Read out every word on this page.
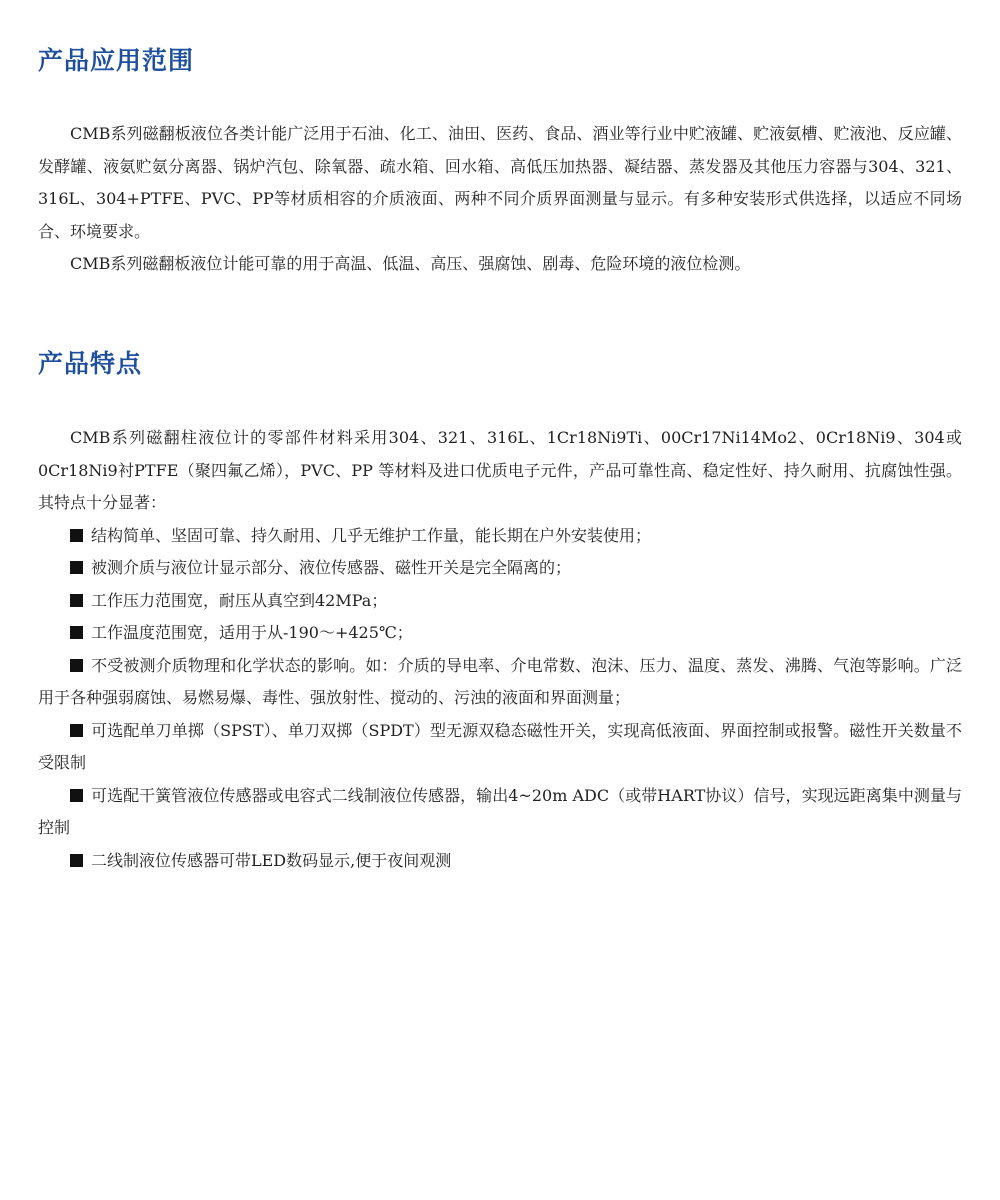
产品应用范围

CMB系列磁翻板液位各类计能广泛用于石油、化工、油田、医药、食品、酒业等行业中贮液罐、贮液氨槽、贮液池、反应罐、发酵罐、液氨贮氨分离器、锅炉汽包、除氧器、疏水箱、回水箱、高低压加热器、凝结器、蒸发器及其他压力容器与304、321、316L、304+PTFE、PVC、PP等材质相容的介质液面、两种不同介质界面测量与显示。有多种安装形式供选择，以适应不同场合、环境要求。

CMB系列磁翻板液位计能可靠的用于高温、低温、高压、强腐蚀、剧毒、危险环境的液位检测。

产品特点

CMB系列磁翻柱液位计的零部件材料采用304、321、316L、1Cr18Ni9Ti、00Cr17Ni14Mo2、0Cr18Ni9、304或0Cr18Ni9衬PTFE（聚四氟乙烯），PVC、PP 等材料及进口优质电子元件，产品可靠性高、稳定性好、持久耐用、抗腐蚀性强。其特点十分显著：

结构简单、坚固可靠、持久耐用、几乎无维护工作量，能长期在户外安装使用；

被测介质与液位计显示部分、液位传感器、磁性开关是完全隔离的；

工作压力范围宽，耐压从真空到42MPa；

工作温度范围宽，适用于从-190～+425℃；

不受被测介质物理和化学状态的影响。如：介质的导电率、介电常数、泡沫、压力、温度、蒸发、沸腾、气泡等影响。广泛用于各种强弱腐蚀、易燃易爆、毒性、强放射性、搅动的、污浊的液面和界面测量；

可选配单刀单掷（SPST）、单刀双掷（SPDT）型无源双稳态磁性开关，实现高低液面、界面控制或报警。磁性开关数量不受限制

可选配干簧管液位传感器或电容式二线制液位传感器，输出4~20m ADC（或带HART协议）信号，实现远距离集中测量与控制

二线制液位传感器可带LED数码显示,便于夜间观测
